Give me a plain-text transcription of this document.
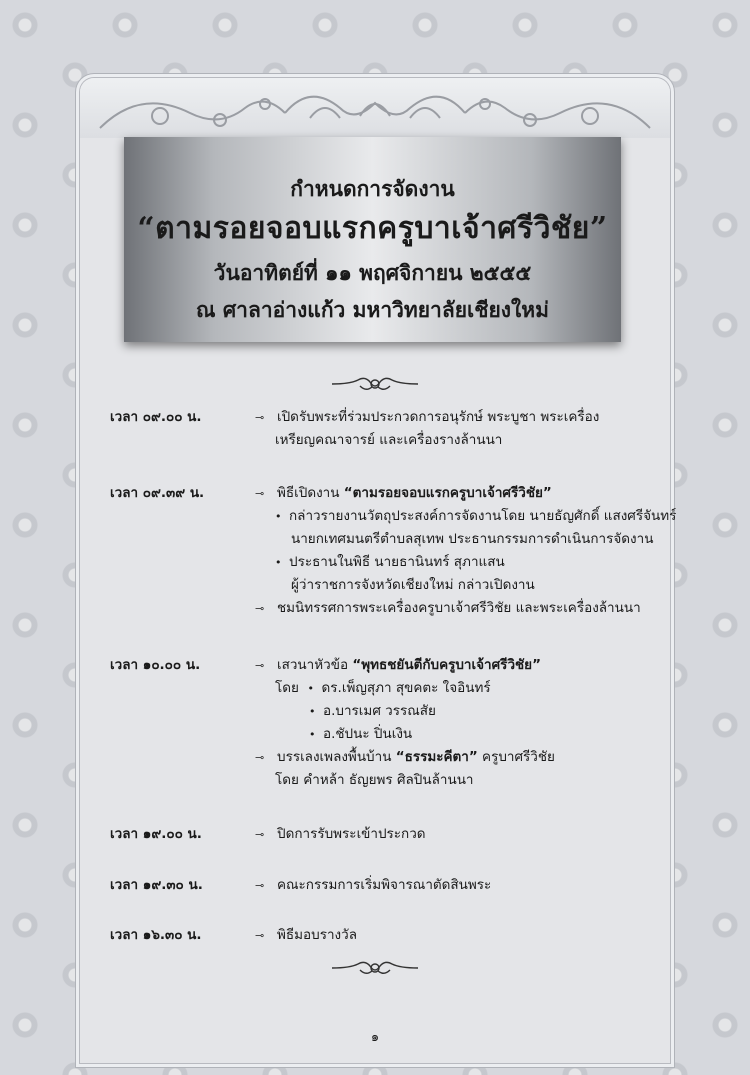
กำหนดการจัดงาน
“ตามรอยจอบแรกครูบาเจ้าศรีวิชัย”
วันอาทิตย์ที่ ๑๑ พฤศจิกายน ๒๕๕๕
ณ ศาลาอ่างแก้ว มหาวิทยาลัยเชียงใหม่
เวลา ๐๙.๐๐ น.	⊸ เปิดรับพระที่ร่วมประกวดการอนุรักษ์ พระบูชา พระเครื่อง
เหรียญคณาจารย์ และเครื่องรางล้านนา
เวลา ๐๙.๓๙ น.	⊸ พิธีเปิดงาน “ตามรอยจอบแรกครูบาเจ้าศรีวิชัย”
• กล่าวรายงานวัตถุประสงค์การจัดงานโดย นายธัญศักดิ์ แสงศรีจันทร์
นายกเทศมนตรีตำบลสุเทพ ประธานกรรมการดำเนินการจัดงาน
• ประธานในพิธี นายธานินทร์ สุภาแสน
ผู้ว่าราชการจังหวัดเชียงใหม่ กล่าวเปิดงาน
⊸ ชมนิทรรศการพระเครื่องครูบาเจ้าศรีวิชัย และพระเครื่องล้านนา
เวลา ๑๐.๐๐ น.	⊸ เสวนาหัวข้อ “พุทธชยันตีกับครูบาเจ้าศรีวิชัย”
โดย • ดร.เพ็ญสุภา สุขคตะ ใจอินทร์
• อ.บารเมศ วรรณสัย
• อ.ชัปนะ ปิ่นเงิน
⊸ บรรเลงเพลงพื้นบ้าน “ธรรมะคีตา” ครูบาศรีวิชัย
โดย คำหล้า ธัญยพร ศิลปินล้านนา
เวลา ๑๙.๐๐ น.	⊸ ปิดการรับพระเข้าประกวด
เวลา ๑๙.๓๐ น.	⊸ คณะกรรมการเริ่มพิจารณาตัดสินพระ
เวลา ๑๖.๓๐ น.	⊸ พิธีมอบรางวัล
๑
